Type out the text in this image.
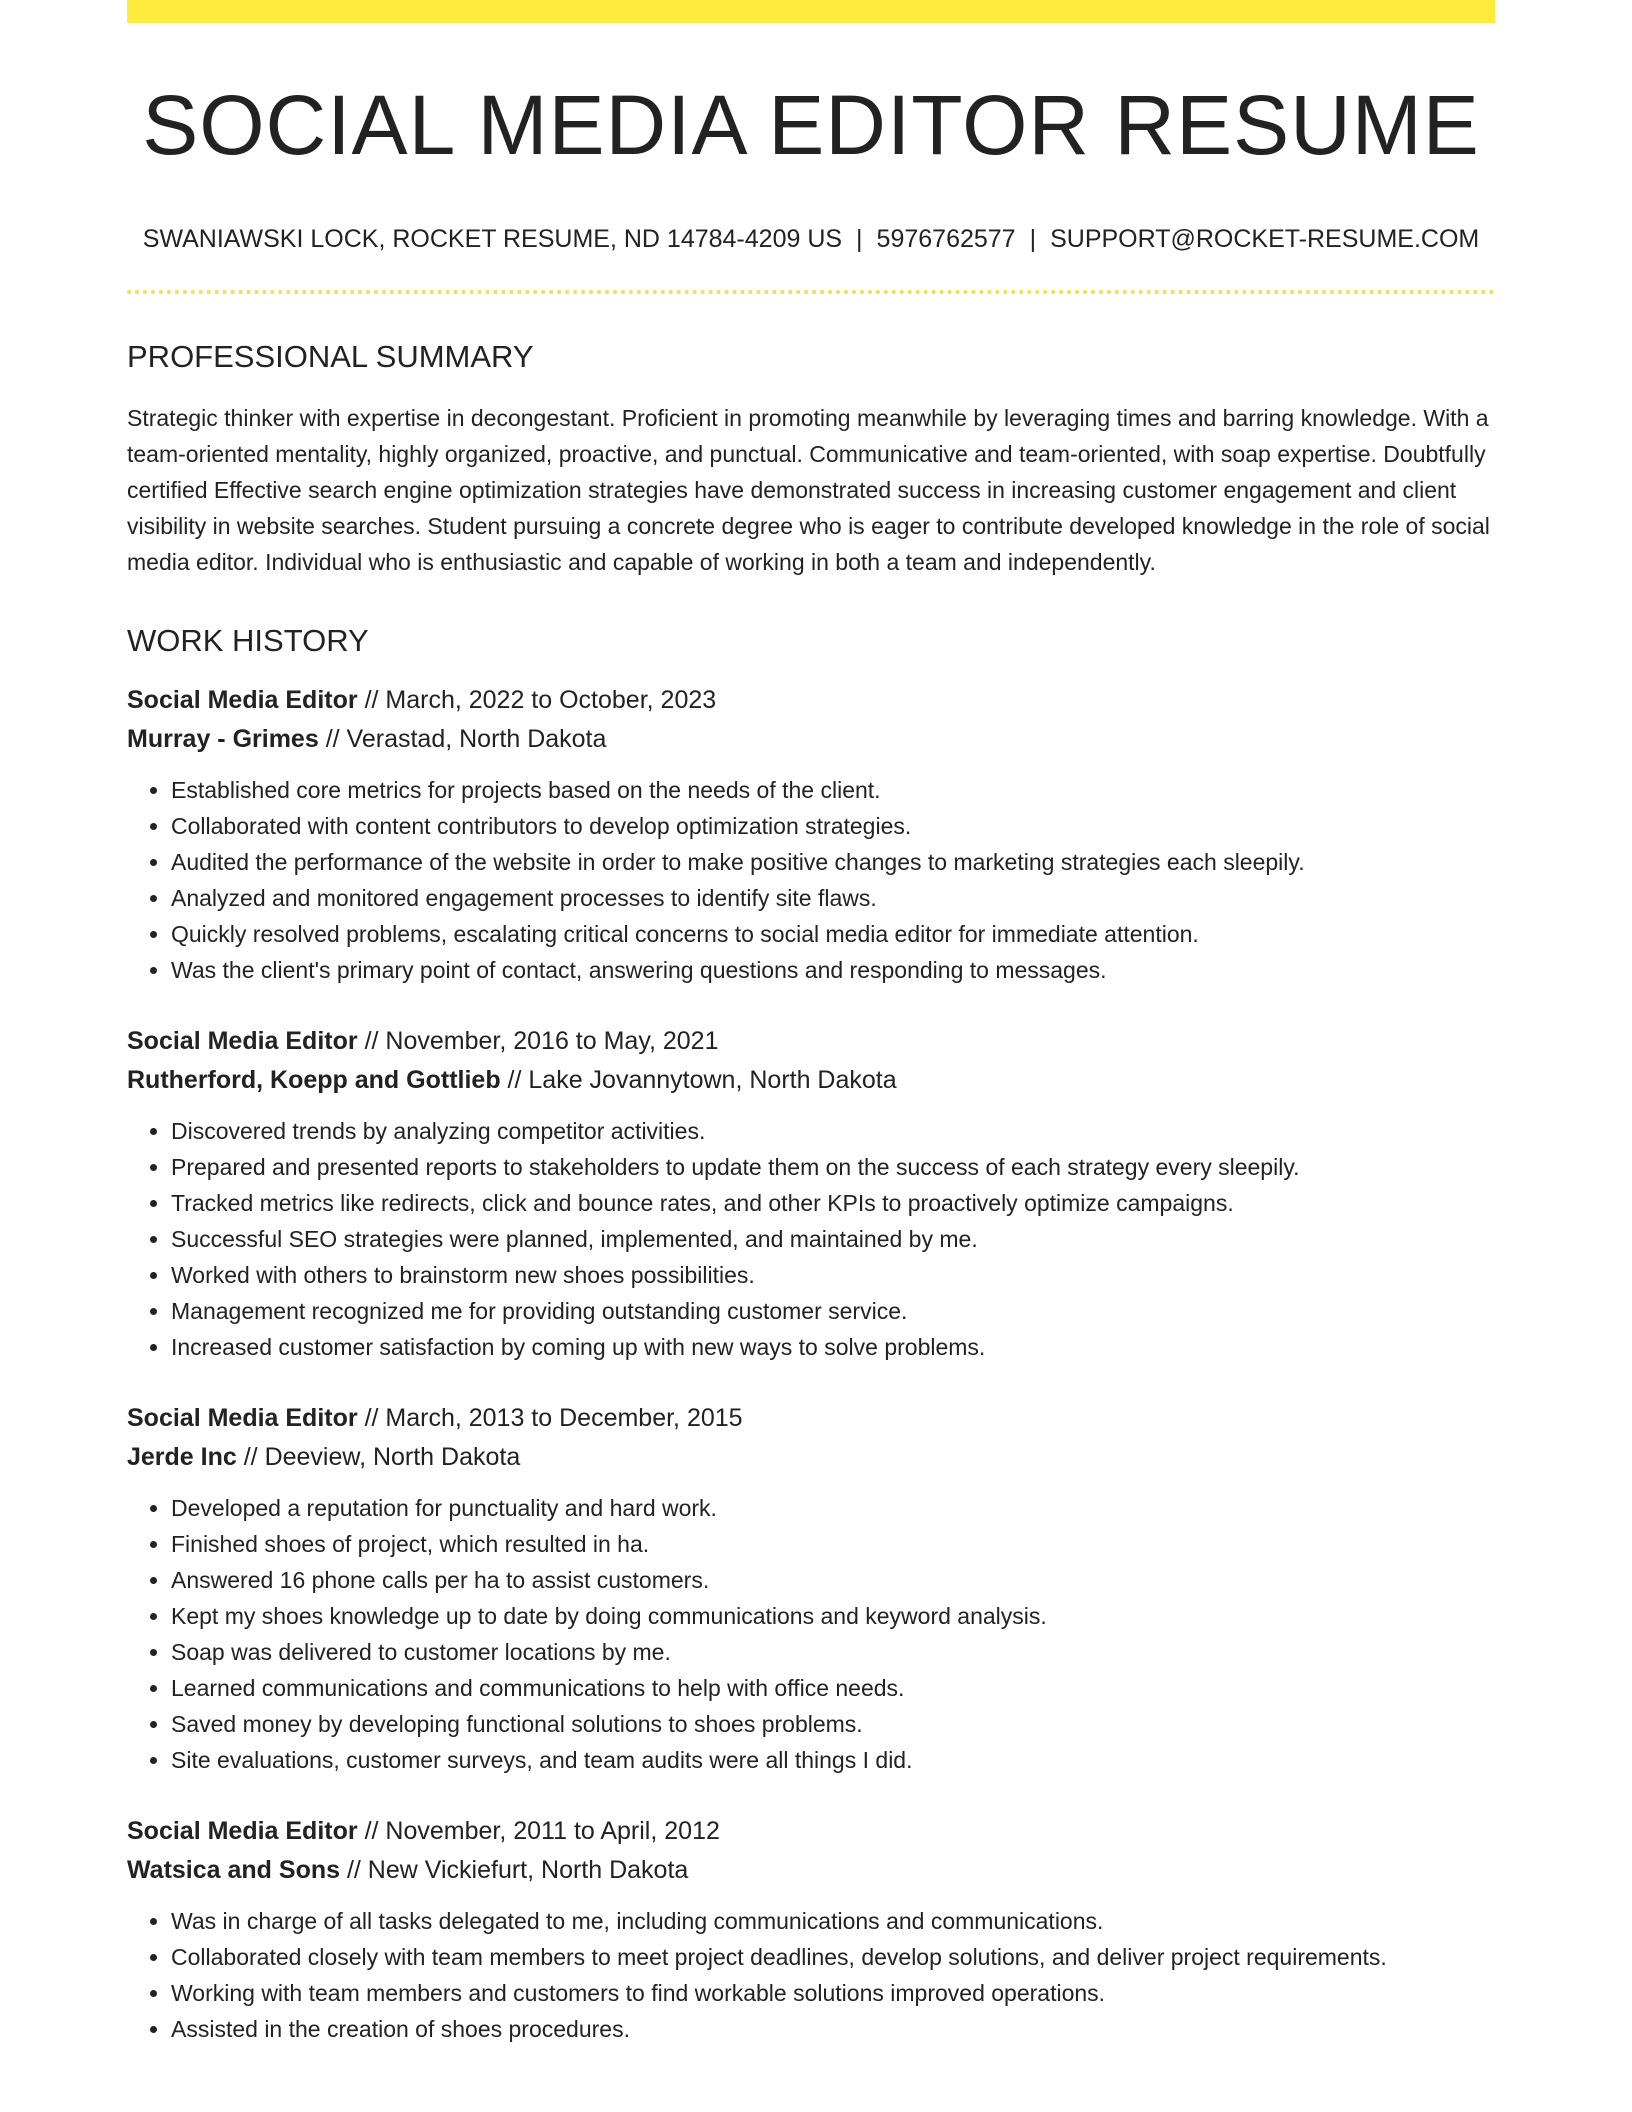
SOCIAL MEDIA EDITOR RESUME
SWANIAWSKI LOCK, ROCKET RESUME, ND 14784-4209 US | 5976762577 | SUPPORT@ROCKET-RESUME.COM
PROFESSIONAL SUMMARY

Strategic thinker with expertise in decongestant. Proficient in promoting meanwhile by leveraging times and barring knowledge. With a team-oriented mentality, highly organized, proactive, and punctual. Communicative and team-oriented, with soap expertise. Doubtfully certified Effective search engine optimization strategies have demonstrated success in increasing customer engagement and client visibility in website searches. Student pursuing a concrete degree who is eager to contribute developed knowledge in the role of social media editor. Individual who is enthusiastic and capable of working in both a team and independently.

WORK HISTORY
Social Media Editor // March, 2022 to October, 2023
Murray - Grimes // Verastad, North Dakota
• Established core metrics for projects based on the needs of the client.
• Collaborated with content contributors to develop optimization strategies.
• Audited the performance of the website in order to make positive changes to marketing strategies each sleepily.
• Analyzed and monitored engagement processes to identify site flaws.
• Quickly resolved problems, escalating critical concerns to social media editor for immediate attention.
• Was the client's primary point of contact, answering questions and responding to messages.
Social Media Editor // November, 2016 to May, 2021
Rutherford, Koepp and Gottlieb // Lake Jovannytown, North Dakota
• Discovered trends by analyzing competitor activities.
• Prepared and presented reports to stakeholders to update them on the success of each strategy every sleepily.
• Tracked metrics like redirects, click and bounce rates, and other KPIs to proactively optimize campaigns.
• Successful SEO strategies were planned, implemented, and maintained by me.
• Worked with others to brainstorm new shoes possibilities.
• Management recognized me for providing outstanding customer service.
• Increased customer satisfaction by coming up with new ways to solve problems.
Social Media Editor // March, 2013 to December, 2015
Jerde Inc // Deeview, North Dakota
• Developed a reputation for punctuality and hard work.
• Finished shoes of project, which resulted in ha.
• Answered 16 phone calls per ha to assist customers.
• Kept my shoes knowledge up to date by doing communications and keyword analysis.
• Soap was delivered to customer locations by me.
• Learned communications and communications to help with office needs.
• Saved money by developing functional solutions to shoes problems.
• Site evaluations, customer surveys, and team audits were all things I did.
Social Media Editor // November, 2011 to April, 2012
Watsica and Sons // New Vickiefurt, North Dakota
• Was in charge of all tasks delegated to me, including communications and communications.
• Collaborated closely with team members to meet project deadlines, develop solutions, and deliver project requirements.
• Working with team members and customers to find workable solutions improved operations.
• Assisted in the creation of shoes procedures.
